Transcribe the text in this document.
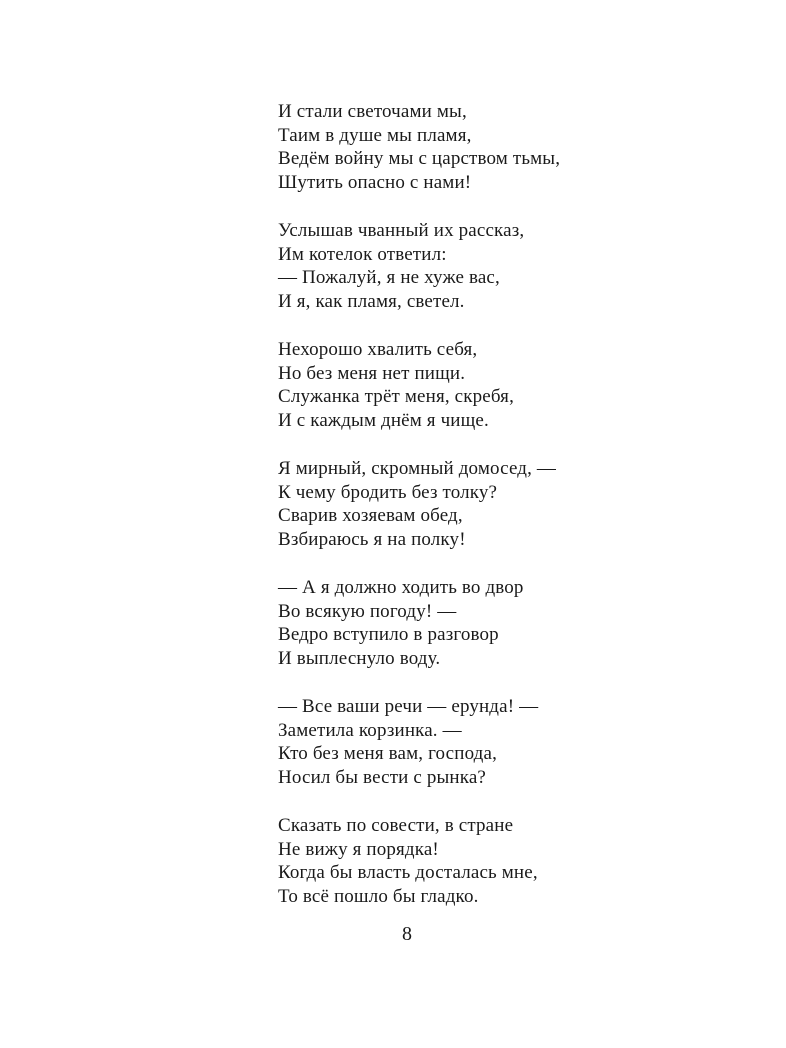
И стали светочами мы,
Таим в душе мы пламя,
Ведём войну мы с царством тьмы,
Шутить опасно с нами!
Услышав чванный их рассказ,
Им котелок ответил:
— Пожалуй, я не хуже вас,
И я, как пламя, светел.
Нехорошо хвалить себя,
Но без меня нет пищи.
Служанка трёт меня, скребя,
И с каждым днём я чище.
Я мирный, скромный домосед, —
К чему бродить без толку?
Сварив хозяевам обед,
Взбираюсь я на полку!
— А я должно ходить во двор
Во всякую погоду! —
Ведро вступило в разговор
И выплеснуло воду.
— Все ваши речи — ерунда! —
Заметила корзинка. —
Кто без меня вам, господа,
Носил бы вести с рынка?
Сказать по совести, в стране
Не вижу я порядка!
Когда бы власть досталась мне,
То всё пошло бы гладко.
8
